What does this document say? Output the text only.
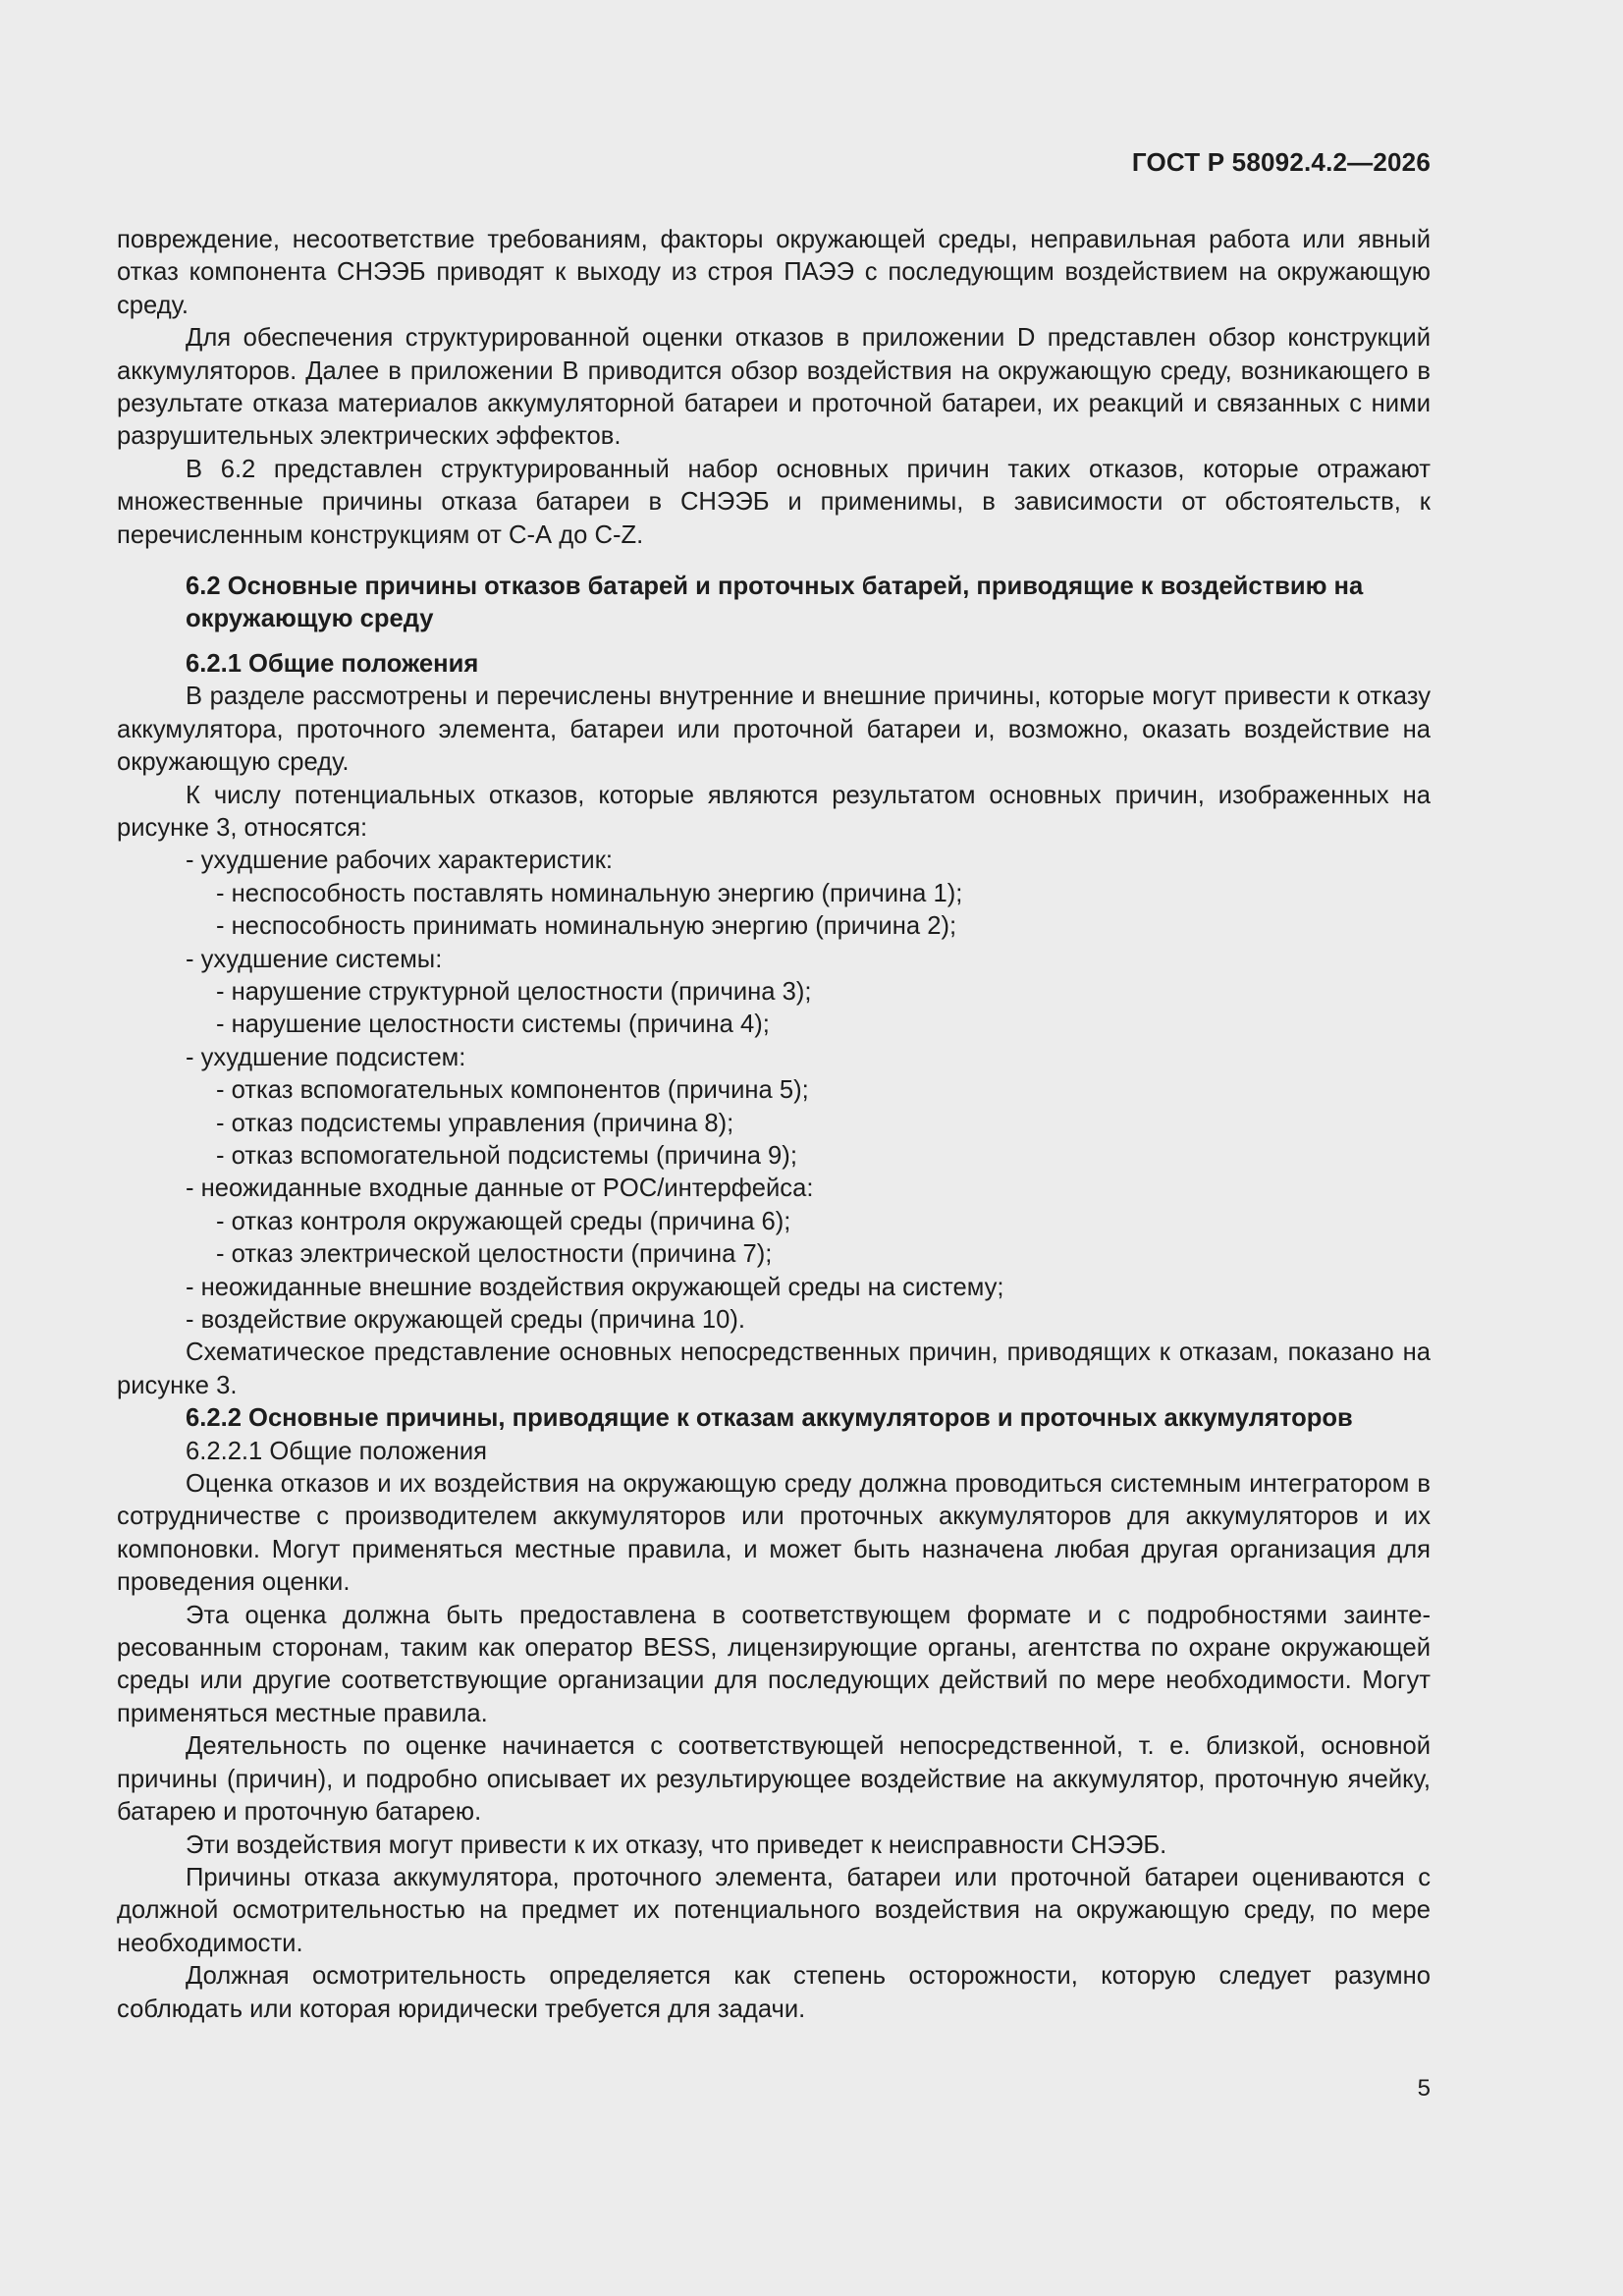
ГОСТ Р 58092.4.2—2026

повреждение, несоответствие требованиям, факторы окружающей среды, неправильная работа или явный отказ компонента СНЭЭБ приводят к выходу из строя ПАЭЭ с последующим воздействием на окружающую среду.

Для обеспечения структурированной оценки отказов в приложении D представлен обзор конструкций аккумуляторов. Далее в приложении B приводится обзор воздействия на окружающую среду, возникающего в результате отказа материалов аккумуляторной батареи и проточной батареи, их реакций и связанных с ними разрушительных электрических эффектов.

В 6.2 представлен структурированный набор основных причин таких отказов, которые отражают множественные причины отказа батареи в СНЭЭБ и применимы, в зависимости от обстоятельств, к перечисленным конструкциям от С-А до C-Z.

6.2 Основные причины отказов батарей и проточных батарей, приводящие к воздействию на окружающую среду

6.2.1 Общие положения

В разделе рассмотрены и перечислены внутренние и внешние причины, которые могут привести к отказу аккумулятора, проточного элемента, батареи или проточной батареи и, возможно, оказать воздействие на окружающую среду.

К числу потенциальных отказов, которые являются результатом основных причин, изображенных на рисунке 3, относятся:

- ухудшение рабочих характеристик:

- неспособность поставлять номинальную энергию (причина 1);

- неспособность принимать номинальную энергию (причина 2);

- ухудшение системы:

- нарушение структурной целостности (причина 3);

- нарушение целостности системы (причина 4);

- ухудшение подсистем:

- отказ вспомогательных компонентов (причина 5);

- отказ подсистемы управления (причина 8);

- отказ вспомогательной подсистемы (причина 9);

- неожиданные входные данные от POC/интерфейса:

- отказ контроля окружающей среды (причина 6);

- отказ электрической целостности (причина 7);

- неожиданные внешние воздействия окружающей среды на систему;

- воздействие окружающей среды (причина 10).

Схематическое представление основных непосредственных причин, приводящих к отказам, показано на рисунке 3.

6.2.2 Основные причины, приводящие к отказам аккумуляторов и проточных аккумуляторов

6.2.2.1 Общие положения

Оценка отказов и их воздействия на окружающую среду должна проводиться системным интегратором в сотрудничестве с производителем аккумуляторов или проточных аккумуляторов для аккумуляторов и их компоновки. Могут применяться местные правила, и может быть назначена любая другая организация для проведения оценки.

Эта оценка должна быть предоставлена в соответствующем формате и с подробностями заинтересованным сторонам, таким как оператор BESS, лицензирующие органы, агентства по охране окружающей среды или другие соответствующие организации для последующих действий по мере необходимости. Могут применяться местные правила.

Деятельность по оценке начинается с соответствующей непосредственной, т. е. близкой, основной причины (причин), и подробно описывает их результирующее воздействие на аккумулятор, проточную ячейку, батарею и проточную батарею.

Эти воздействия могут привести к их отказу, что приведет к неисправности СНЭЭБ.

Причины отказа аккумулятора, проточного элемента, батареи или проточной батареи оцениваются с должной осмотрительностью на предмет их потенциального воздействия на окружающую среду, по мере необходимости.

Должная осмотрительность определяется как степень осторожности, которую следует разумно соблюдать или которая юридически требуется для задачи.

5
